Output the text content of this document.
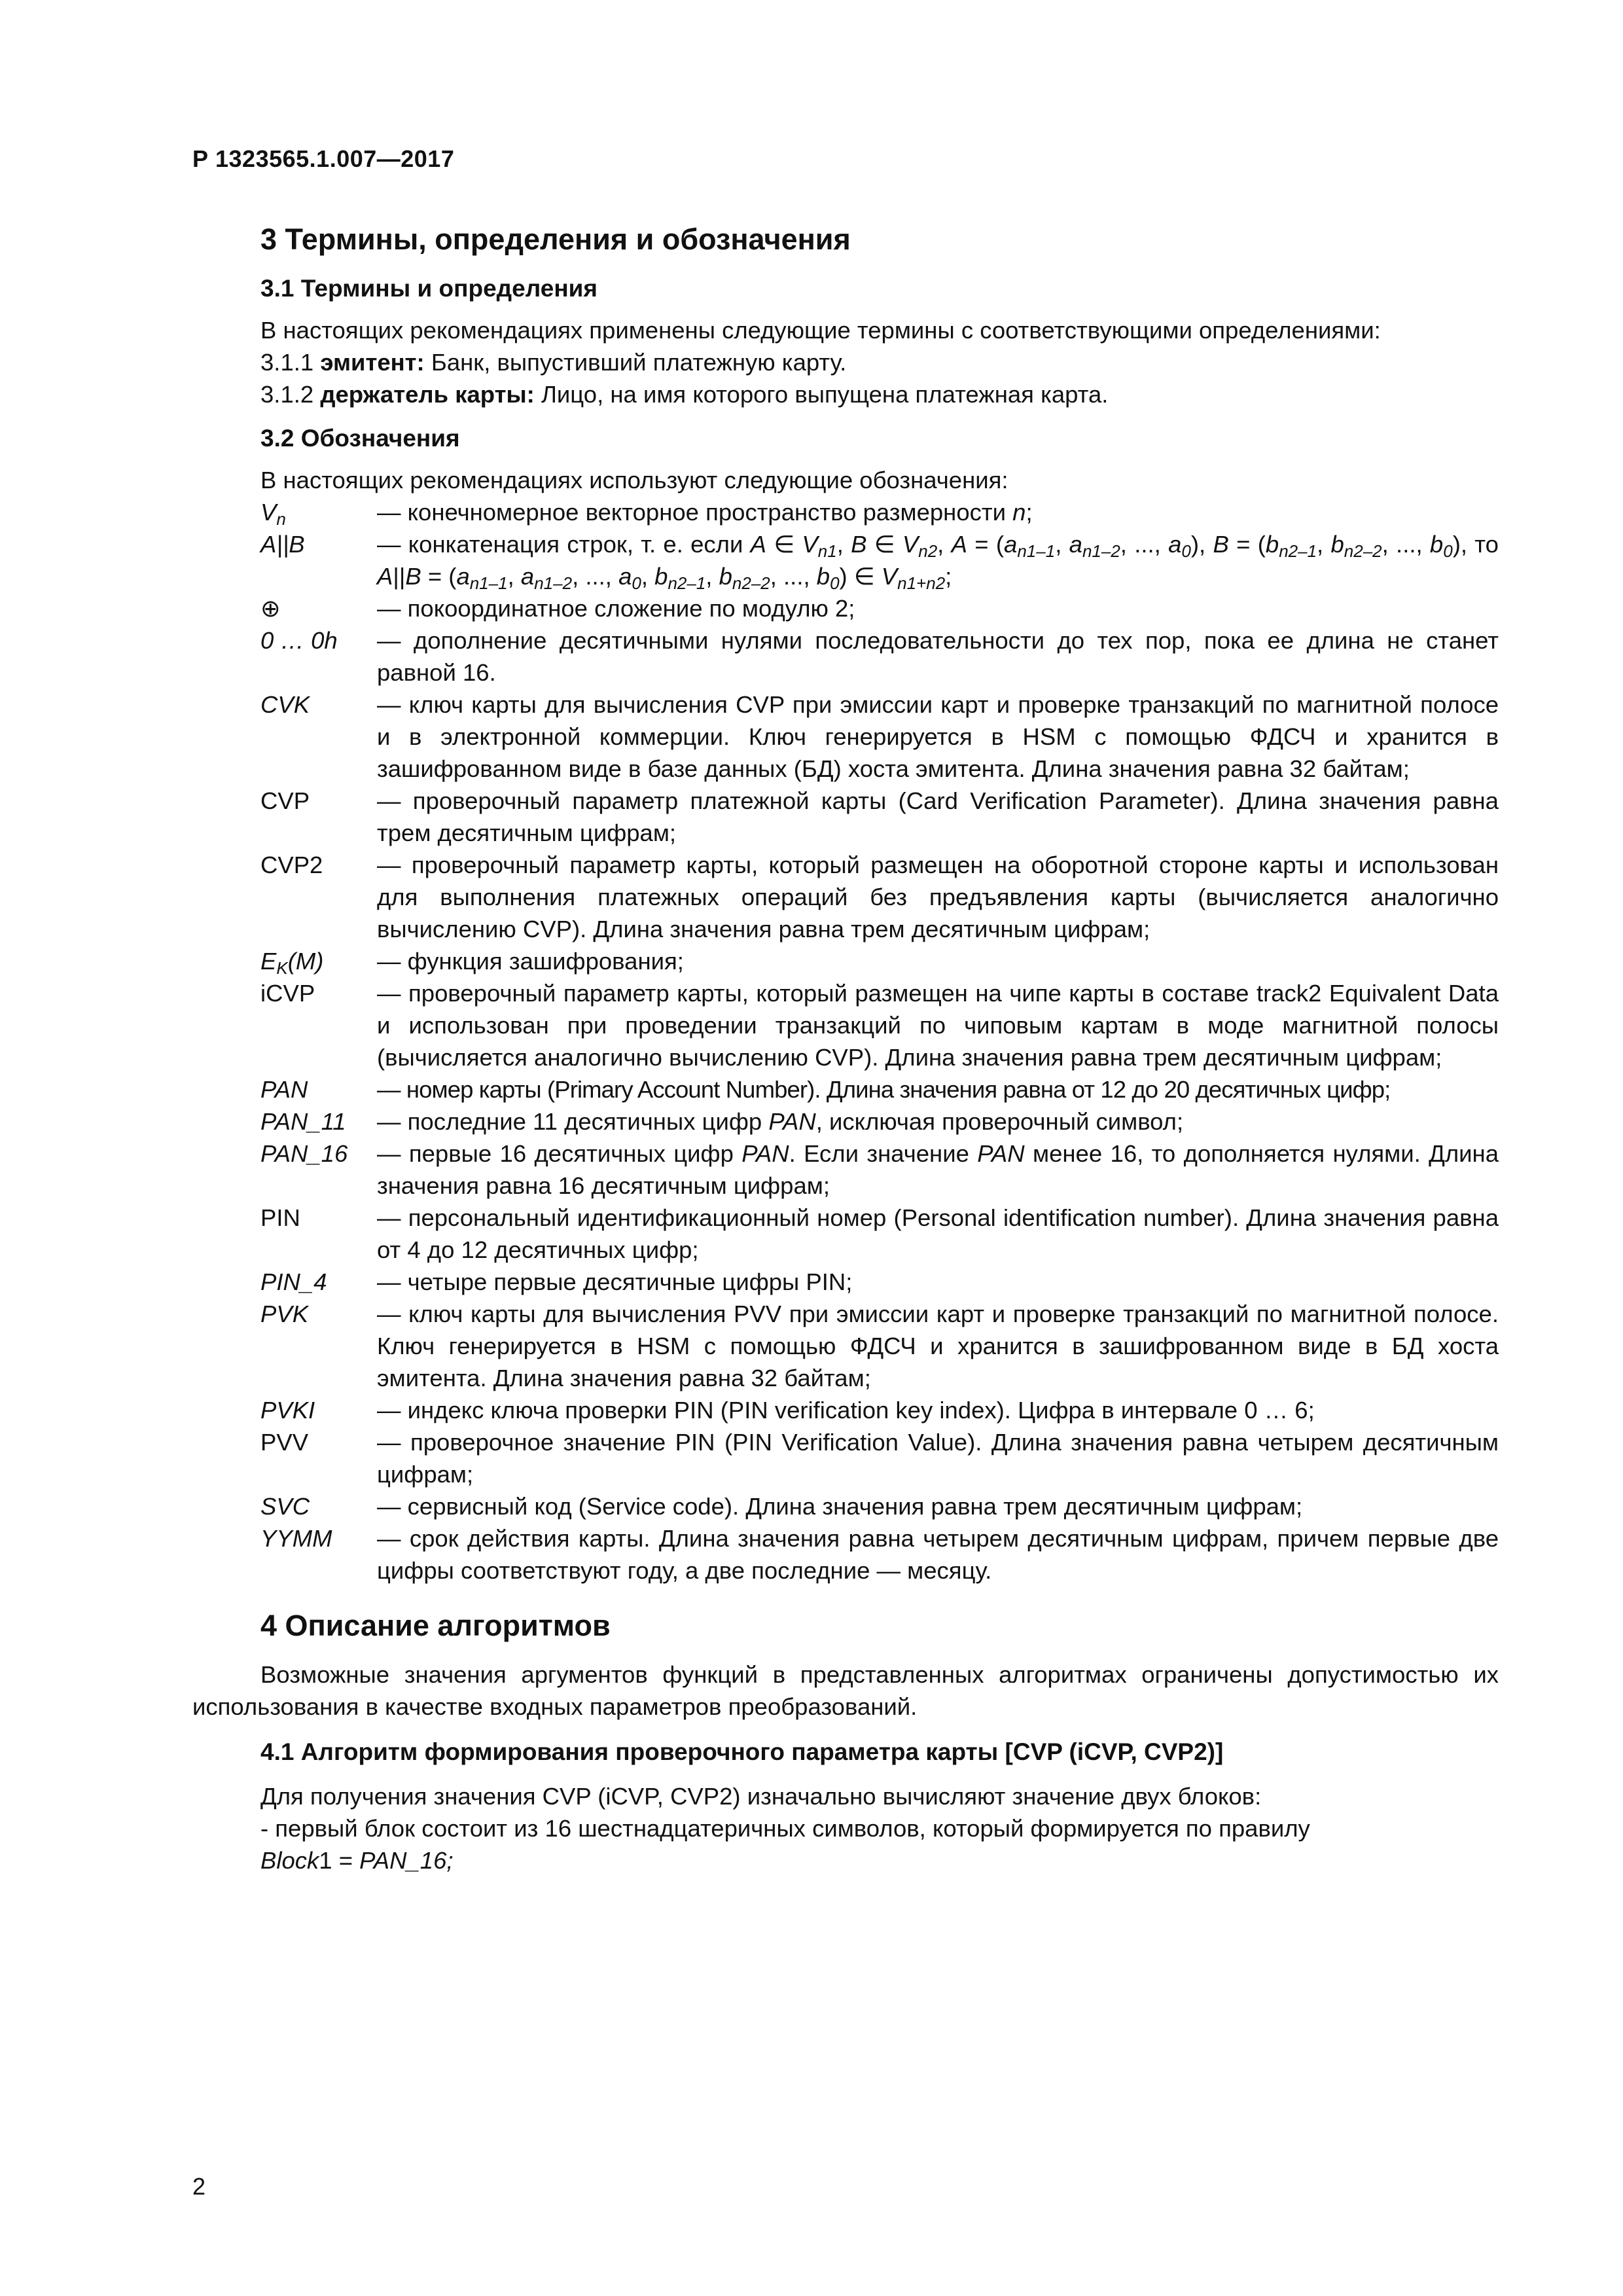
Р 1323565.1.007—2017
3 Термины, определения и обозначения
3.1 Термины и определения

В настоящих рекомендациях применены следующие термины с соответствующими определениями:

3.1.1 эмитент: Банк, выпустивший платежную карту.

3.1.2 держатель карты: Лицо, на имя которого выпущена платежная карта.

3.2 Обозначения

В настоящих рекомендациях используют следующие обозначения:

$V_n$	— конечномерное векторное пространство размерности n;
A||B	— конкатенация строк, т. е. если A ∈ $V_{n1}$, B ∈ $V_{n2}$, $A = (a_{n1-1}$, $a_{n1-2}$, ..., $a_0$), $B = (b_{n2-1}$, $b_{n2-2}$, ..., $b_0$), то $A||B = (a_{n1-1}$, $a_{n1-2}$, ..., $a_0$, $b_{n2-1}$, $b_{n2-2}$, ..., $b_0$) ∈ $V_{n1+n2}$;
⊕	— покоординатное сложение по модулю 2;
0 … 0h	— дополнение десятичными нулями последовательности до тех пор, пока ее длина не станет равной 16.
CVK	— ключ карты для вычисления CVP при эмиссии карт и проверке транзакций по магнитной полосе и в электронной коммерции. Ключ генерируется в HSM с помощью ФДСЧ и хранится в зашифрованном виде в базе данных (БД) хоста эмитента. Длина значения равна 32 байтам;
CVP	— проверочный параметр платежной карты (Card Verification Parameter). Длина значения равна трем десятичным цифрам;
CVP2	— проверочный параметр карты, который размещен на оборотной стороне карты и использован для выполнения платежных операций без предъявления карты (вычисляется аналогично вычислению CVP). Длина значения равна трем десятичным цифрам;
$E_K(M)$	— функция зашифрования;
iCVP	— проверочный параметр карты, который размещен на чипе карты в составе track2 Equivalent Data и использован при проведении транзакций по чиповым картам в моде магнитной полосы (вычисляется аналогично вычислению CVP). Длина значения равна трем десятичным цифрам;
PAN	— номер карты (Primary Account Number). Длина значения равна от 12 до 20 десятичных цифр;
PAN_11	— последние 11 десятичных цифр PAN, исключая проверочный символ;
PAN_16	— первые 16 десятичных цифр PAN. Если значение PAN менее 16, то дополняется нулями. Длина значения равна 16 десятичным цифрам;
PIN	— персональный идентификационный номер (Personal identification number). Длина значения равна от 4 до 12 десятичных цифр;
PIN_4	— четыре первые десятичные цифры PIN;
PVK	— ключ карты для вычисления PVV при эмиссии карт и проверке транзакций по магнитной полосе. Ключ генерируется в HSM с помощью ФДСЧ и хранится в зашифрованном виде в БД хоста эмитента. Длина значения равна 32 байтам;
PVKI	— индекс ключа проверки PIN (PIN verification key index). Цифра в интервале 0 … 6;
PVV	— проверочное значение PIN (PIN Verification Value). Длина значения равна четырем десятичным цифрам;
SVC	— сервисный код (Service code). Длина значения равна трем десятичным цифрам;
YYMM	— срок действия карты. Длина значения равна четырем десятичным цифрам, причем первые две цифры соответствуют году, а две последние — месяцу.
4 Описание алгоритмов

Возможные значения аргументов функций в представленных алгоритмах ограничены допустимостью их использования в качестве входных параметров преобразований.

4.1 Алгоритм формирования проверочного параметра карты [CVP (iCVP, CVP2)]

Для получения значения CVP (iCVP, CVP2) изначально вычисляют значение двух блоков:

- первый блок состоит из 16 шестнадцатеричных символов, который формируется по правилу

Block1 = PAN_16;

2
